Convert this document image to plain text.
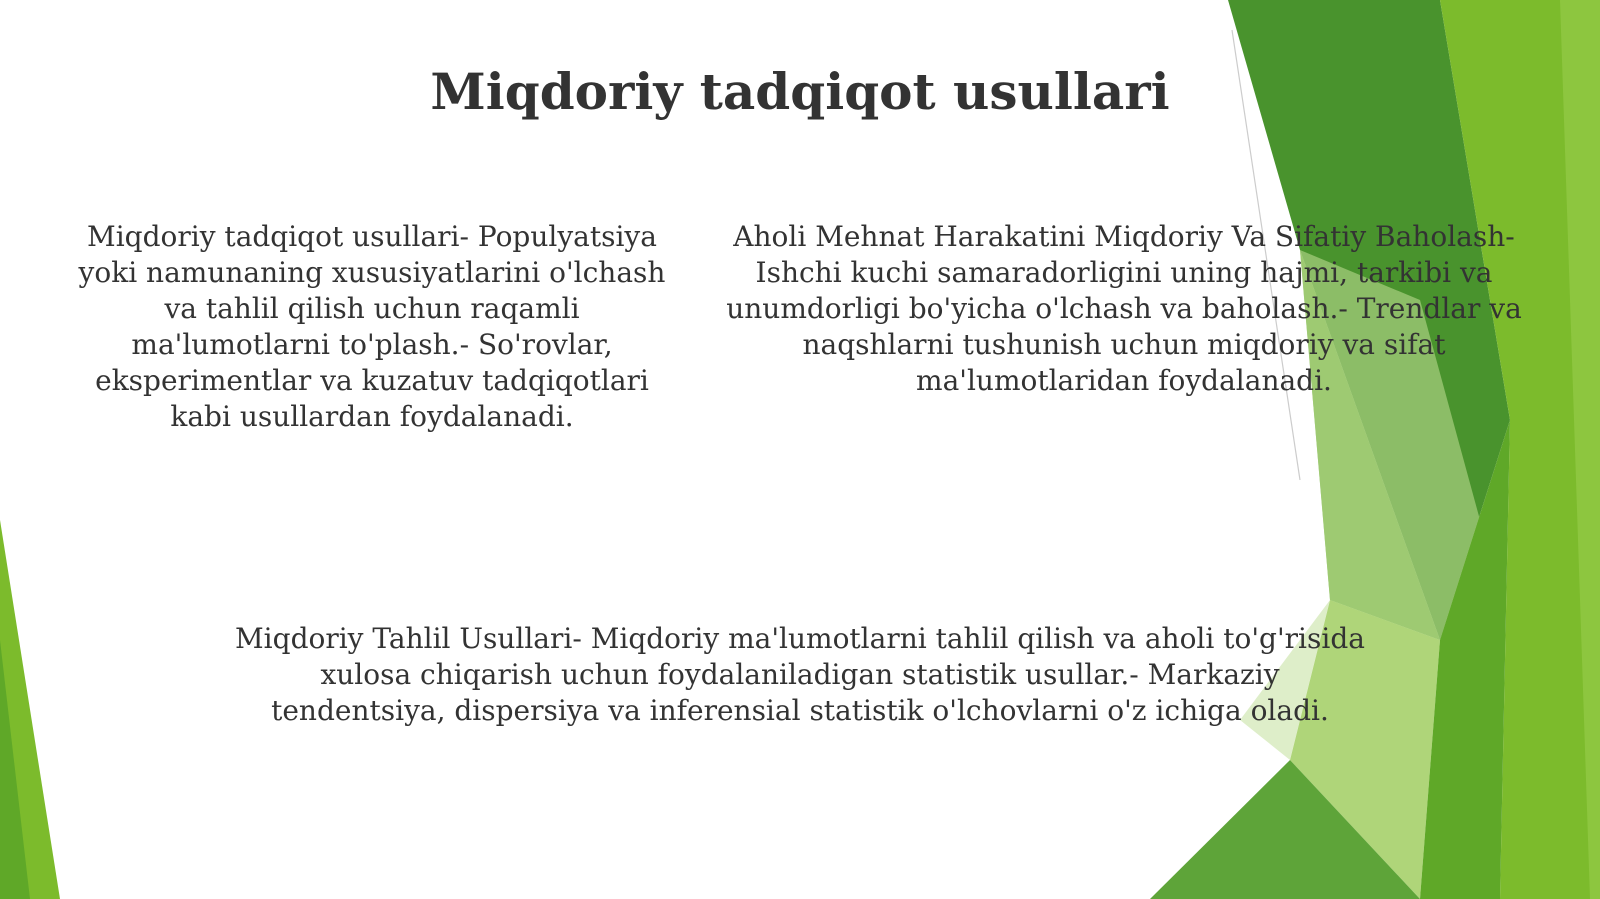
Miqdoriy tadqiqot usullari

Miqdoriy tadqiqot usullari- Populyatsiya yoki namunaning xususiyatlarini o'lchash va tahlil qilish uchun raqamli ma'lumotlarni to'plash.- So'rovlar, eksperimentlar va kuzatuv tadqiqotlari kabi usullardan foydalanadi.

Aholi Mehnat Harakatini Miqdoriy Va Sifatiy Baholash- Ishchi kuchi samaradorligini uning hajmi, tarkibi va unumdorligi bo'yicha o'lchash va baholash.- Trendlar va naqshlarni tushunish uchun miqdoriy va sifat ma'lumotlaridan foydalanadi.

Miqdoriy Tahlil Usullari- Miqdoriy ma'lumotlarni tahlil qilish va aholi to'g'risida xulosa chiqarish uchun foydalaniladigan statistik usullar.- Markaziy tendentsiya, dispersiya va inferensial statistik o'lchovlarni o'z ichiga oladi.
